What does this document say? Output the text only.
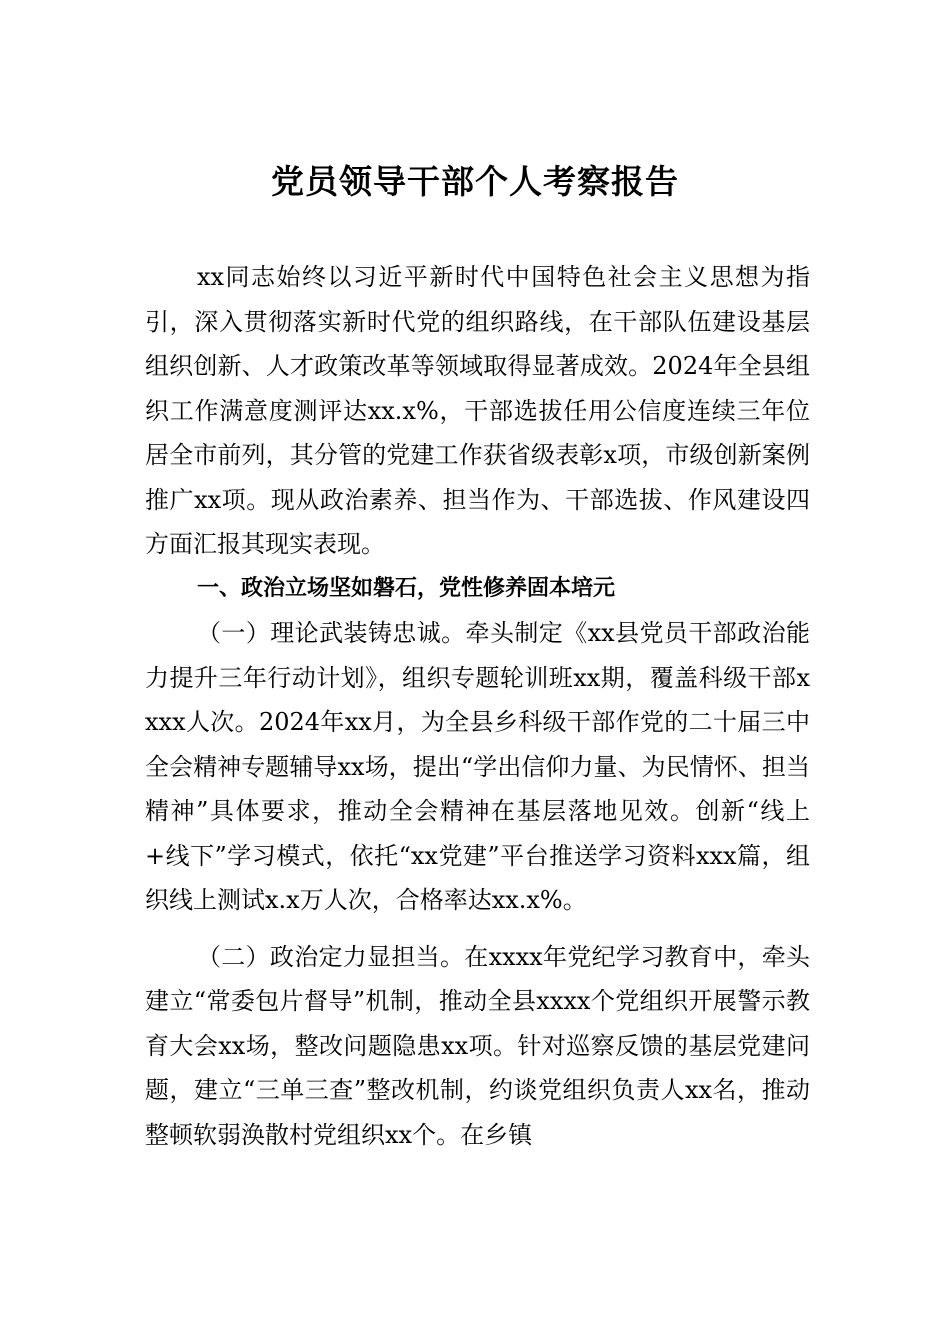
党员领导干部个人考察报告

xx同志始终以习近平新时代中国特色社会主义思想为指引，深入贯彻落实新时代党的组织路线，在干部队伍建设基层组织创新、人才政策改革等领域取得显著成效。2024年全县组织工作满意度测评达xx.x%，干部选拔任用公信度连续三年位居全市前列，其分管的党建工作获省级表彰x项，市级创新案例推广xx项。现从政治素养、担当作为、干部选拔、作风建设四方面汇报其现实表现。

一、政治立场坚如磐石，党性修养固本培元

（一）理论武装铸忠诚。牵头制定《xx县党员干部政治能力提升三年行动计划》，组织专题轮训班xx期，覆盖科级干部xxxx人次。2024年xx月，为全县乡科级干部作党的二十届三中全会精神专题辅导xx场，提出“学出信仰力量、为民情怀、担当精神”具体要求，推动全会精神在基层落地见效。创新“线上+线下”学习模式，依托“xx党建”平台推送学习资料xxx篇，组织线上测试x.x万人次，合格率达xx.x%。

（二）政治定力显担当。在xxxx年党纪学习教育中，牵头建立“常委包片督导”机制，推动全县xxxx个党组织开展警示教育大会xx场，整改问题隐患xx项。针对巡察反馈的基层党建问题，建立“三单三查”整改机制，约谈党组织负责人xx名，推动整顿软弱涣散村党组织xx个。在乡镇
